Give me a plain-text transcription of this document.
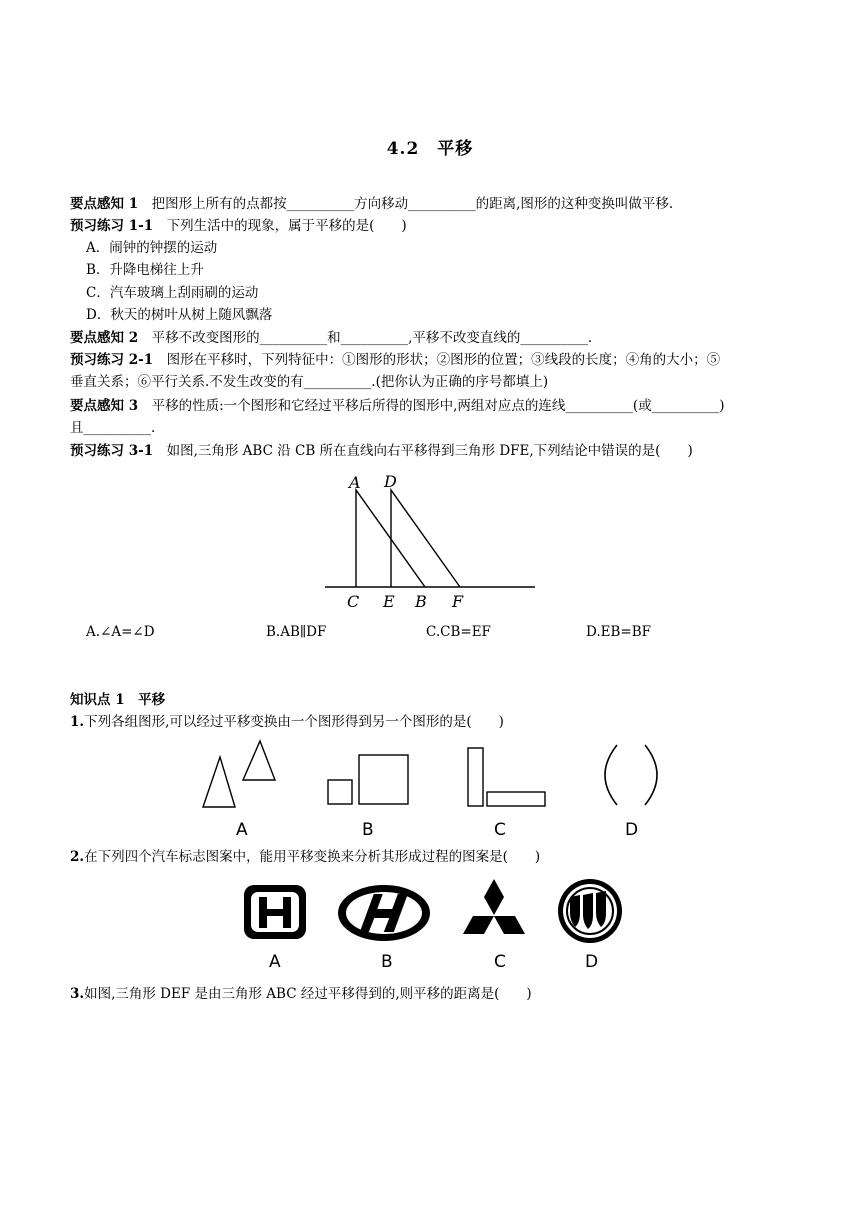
4.2　平移
要点感知 1　把图形上所有的点都按__________方向移动__________的距离,图形的这种变换叫做平移.
预习练习 1-1　下列生活中的现象，属于平移的是(　　)
A．闹钟的钟摆的运动
B．升降电梯往上升
C．汽车玻璃上刮雨刷的运动
D．秋天的树叶从树上随风飘落
要点感知 2　平移不改变图形的__________和__________,平移不改变直线的__________.
预习练习 2-1　图形在平移时，下列特征中：①图形的形状；②图形的位置；③线段的长度；④角的大小；⑤
垂直关系；⑥平行关系.不发生改变的有__________.(把你认为正确的序号都填上)
要点感知 3　平移的性质:一个图形和它经过平移后所得的图形中,两组对应点的连线__________(或__________)
且__________.
预习练习 3-1　如图,三角形 ABC 沿 CB 所在直线向右平移得到三角形 DFE,下列结论中错误的是(　　)
A D
C E B F
A.∠A=∠D	B.AB∥DF	C.CB=EF	D.EB=BF
知识点 1　平移
1.下列各组图形,可以经过平移变换由一个图形得到另一个图形的是(　　)
A	B	C	D
2.在下列四个汽车标志图案中，能用平移变换来分析其形成过程的图案是(　　)
A	B	C	D
3.如图,三角形 DEF 是由三角形 ABC 经过平移得到的,则平移的距离是(　　)
